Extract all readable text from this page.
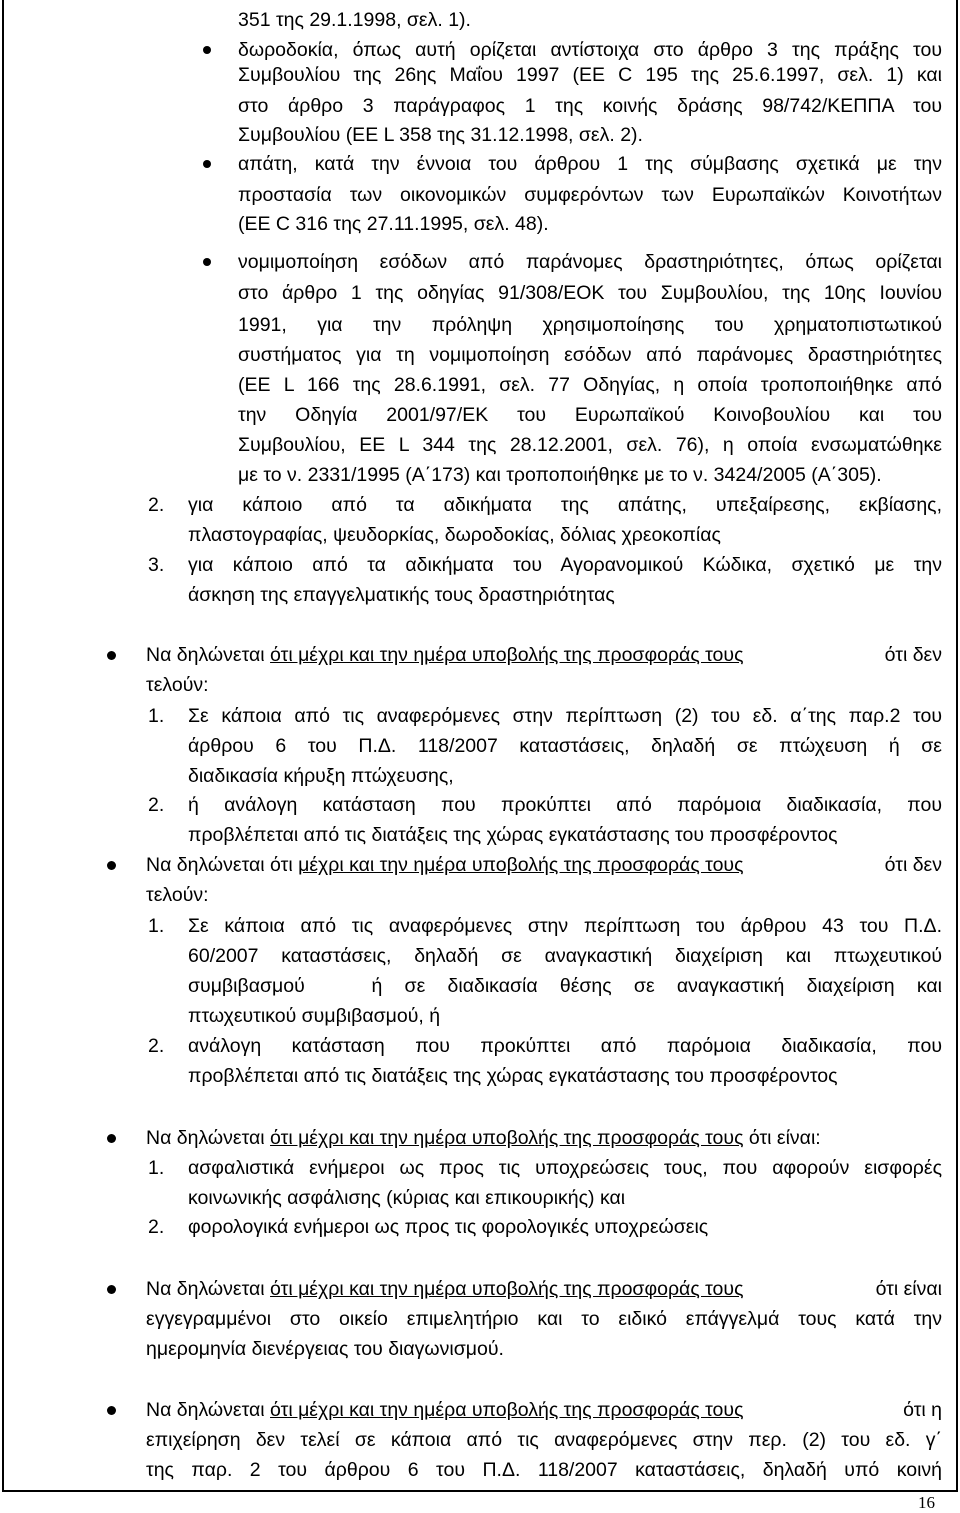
351 της 29.1.1998, σελ. 1).
δωροδοκία, όπως αυτή ορίζεται αντίστοιχα στο άρθρο 3 της πράξης του
Συμβουλίου της 26ης Μαΐου 1997 (ΕΕ C 195 της 25.6.1997, σελ. 1) και
στο άρθρο 3 παράγραφος 1 της κοινής δράσης 98/742/ΚΕΠΠΑ του
Συμβουλίου (ΕΕ L 358 της 31.12.1998, σελ. 2).
απάτη, κατά την έννοια του άρθρου 1 της σύμβασης σχετικά με την
προστασία των οικονομικών συμφερόντων των Ευρωπαϊκών Κοινοτήτων
(ΕΕ C 316 της 27.11.1995, σελ. 48).
νομιμοποίηση εσόδων από παράνομες δραστηριότητες, όπως ορίζεται
στο άρθρο 1 της οδηγίας 91/308/ΕΟΚ του Συμβουλίου, της 10ης Ιουνίου
1991, για την πρόληψη χρησιμοποίησης του χρηματοπιστωτικού
συστήματος για τη νομιμοποίηση εσόδων από παράνομες δραστηριότητες
(ΕΕ L 166 της 28.6.1991, σελ. 77 Οδηγίας, η οποία τροποποιήθηκε από
την Οδηγία 2001/97/ΕΚ του Ευρωπαϊκού Κοινοβουλίου και του
Συμβουλίου, ΕΕ L 344 της 28.12.2001, σελ. 76), η οποία ενσωματώθηκε
με το ν. 2331/1995 (Α΄173) και τροποποιήθηκε με το ν. 3424/2005 (Α΄305).
2. για κάποιο από τα αδικήματα της απάτης, υπεξαίρεσης, εκβίασης,
πλαστογραφίας, ψευδορκίας, δωροδοκίας, δόλιας χρεοκοπίας
3. για κάποιο από τα αδικήματα του Αγορανομικού Κώδικα, σχετικό με την
άσκηση της επαγγελματικής τους δραστηριότητας
Να δηλώνεται ότι μέχρι και την ημέρα υποβολής της προσφοράς τους	ότι δεν
τελούν:
1. Σε κάποια από τις αναφερόμενες στην περίπτωση (2) του εδ. α΄της παρ.2 του
άρθρου 6 του Π.Δ. 118/2007 καταστάσεις, δηλαδή σε πτώχευση ή σε
διαδικασία κήρυξη πτώχευσης,
2. ή ανάλογη κατάσταση που προκύπτει από παρόμοια διαδικασία, που
προβλέπεται από τις διατάξεις της χώρας εγκατάστασης του προσφέροντος
Να δηλώνεται ότι μέχρι και την ημέρα υποβολής της προσφοράς τους	ότι δεν
τελούν:
1. Σε κάποια από τις αναφερόμενες στην περίπτωση του άρθρου 43 του Π.Δ.
60/2007 καταστάσεις, δηλαδή σε αναγκαστική διαχείριση και πτωχευτικού
συμβιβασμού   ή σε διαδικασία θέσης σε αναγκαστική διαχείριση και
πτωχευτικού συμβιβασμού, ή
2. ανάλογη κατάσταση που προκύπτει από παρόμοια διαδικασία, που
προβλέπεται από τις διατάξεις της χώρας εγκατάστασης του προσφέροντος
Να δηλώνεται ότι μέχρι και την ημέρα υποβολής της προσφοράς τους ότι είναι:
1. ασφαλιστικά ενήμεροι ως προς τις υποχρεώσεις τους, που αφορούν εισφορές
κοινωνικής ασφάλισης (κύριας και επικουρικής) και
2. φορολογικά ενήμεροι ως προς τις φορολογικές υποχρεώσεις
Να δηλώνεται ότι μέχρι και την ημέρα υποβολής της προσφοράς τους	ότι είναι
εγγεγραμμένοι στο οικείο επιμελητήριο και το ειδικό επάγγελμά τους κατά την
ημερομηνία διενέργειας του διαγωνισμού.
Να δηλώνεται ότι μέχρι και την ημέρα υποβολής της προσφοράς τους	ότι η
επιχείρηση δεν τελεί σε κάποια από τις αναφερόμενες στην περ. (2) του εδ. γ΄
της παρ. 2 του άρθρου 6 του Π.Δ. 118/2007 καταστάσεις, δηλαδή υπό κοινή
16
